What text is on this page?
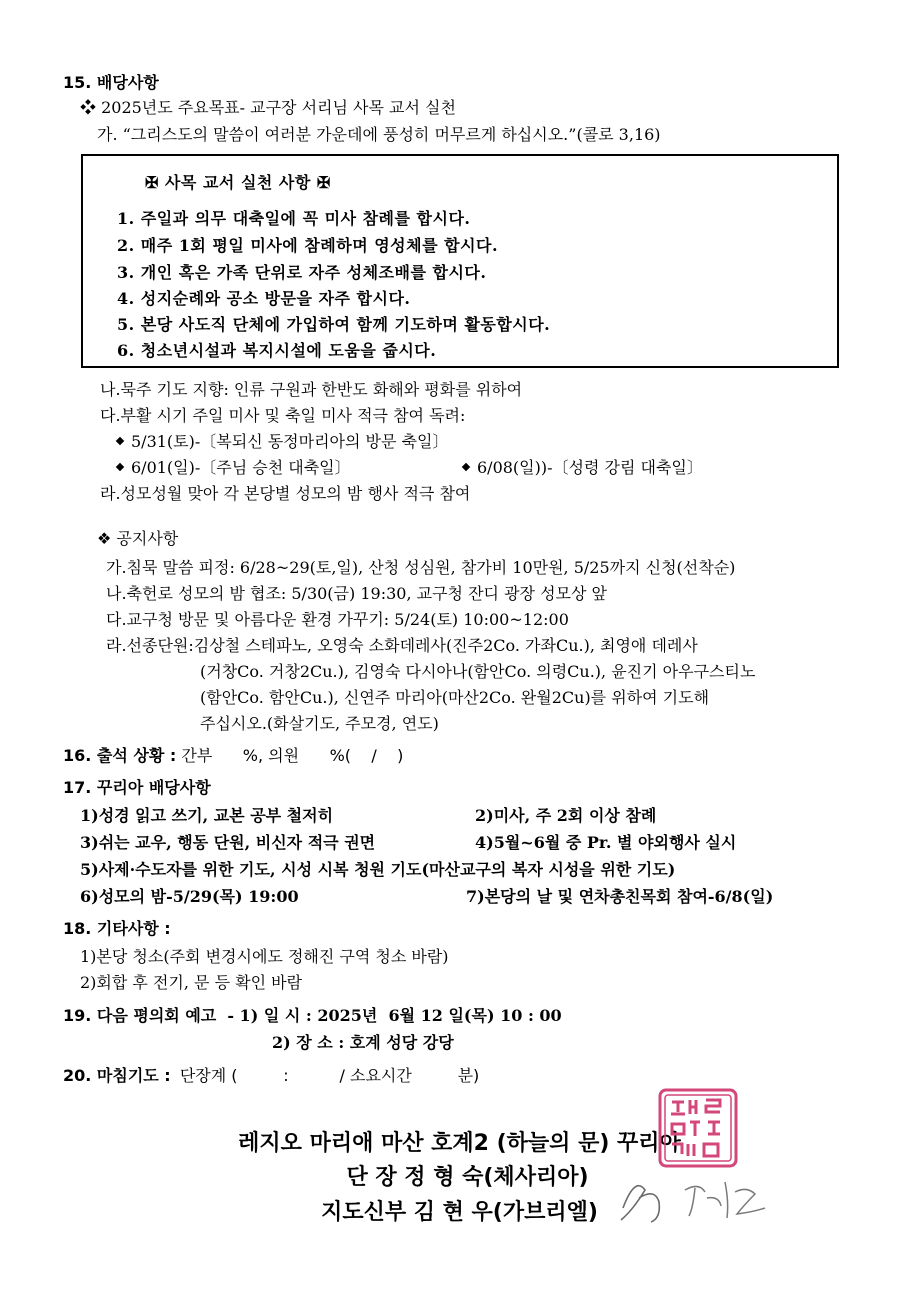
15. 배당사항
❖ 2025년도 주요목표- 교구장 서리님 사목 교서 실천
가. “그리스도의 말씀이 여러분 가운데에 풍성히 머무르게 하십시오.”(콜로 3,16)
✠ 사목 교서 실천 사항 ✠
1. 주일과 의무 대축일에 꼭 미사 참례를 합시다.
2. 매주 1회 평일 미사에 참례하며 영성체를 합시다.
3. 개인 혹은 가족 단위로 자주 성체조배를 합시다.
4. 성지순례와 공소 방문을 자주 합시다.
5. 본당 사도직 단체에 가입하여 함께 기도하며 활동합시다.
6. 청소년시설과 복지시설에 도움을 줍시다.
나.묵주 기도 지향: 인류 구원과 한반도 화해와 평화를 위하여
다.부활 시기 주일 미사 및 축일 미사 적극 참여 독려:
5/31(토)-〔복되신 동정마리아의 방문 축일〕
6/01(일)-〔주님 승천 대축일〕	6/08(일))-〔성령 강림 대축일〕
라.성모성월 맞아 각 본당별 성모의 밤 행사 적극 참여
❖ 공지사항
가.침묵 말씀 피정: 6/28~29(토,일), 산청 성심원, 참가비 10만원, 5/25까지 신청(선착순)
나.축헌로 성모의 밤 협조: 5/30(금) 19:30, 교구청 잔디 광장 성모상 앞
다.교구청 방문 및 아름다운 환경 가꾸기: 5/24(토) 10:00~12:00
라.선종단원:김상철 스테파노, 오영숙 소화데레사(진주2Co. 가좌Cu.), 최영애 데레사
(거창Co. 거창2Cu.), 김영숙 다시아나(함안Co. 의령Cu.), 윤진기 아우구스티노
(함안Co. 함안Cu.), 신연주 마리아(마산2Co. 완월2Cu)를 위하여 기도해
주십시오.(화살기도, 주모경, 연도)
16. 출석 상황 : 간부      %, 의원      %(    /    )
17. 꾸리아 배당사항
1)성경 읽고 쓰기, 교본 공부 철저히	2)미사, 주 2회 이상 참례
3)쉬는 교우, 행동 단원, 비신자 적극 권면	4)5월~6월 중 Pr. 별 야외행사 실시
5)사제·수도자를 위한 기도, 시성 시복 청원 기도(마산교구의 복자 시성을 위한 기도)
6)성모의 밤-5/29(목) 19:00	7)본당의 날 및 연차총친목회 참여-6/8(일)
18. 기타사항 :
1)본당 청소(주회 변경시에도 정해진 구역 청소 바람)
2)회합 후 전기, 문 등 확인 바람
19. 다음 평의회 예고 - 1) 일 시 : 2025년  6월 12 일(목) 10 : 00
2) 장 소 : 호계 성당 강당
20. 마침기도 : 단장계 (         :          / 소요시간         분)
레지오 마리애 마산 호계2 (하늘의 문) 꾸리아
단 장 정 형 숙(체사리아)
지도신부 김 현 우(가브리엘)
